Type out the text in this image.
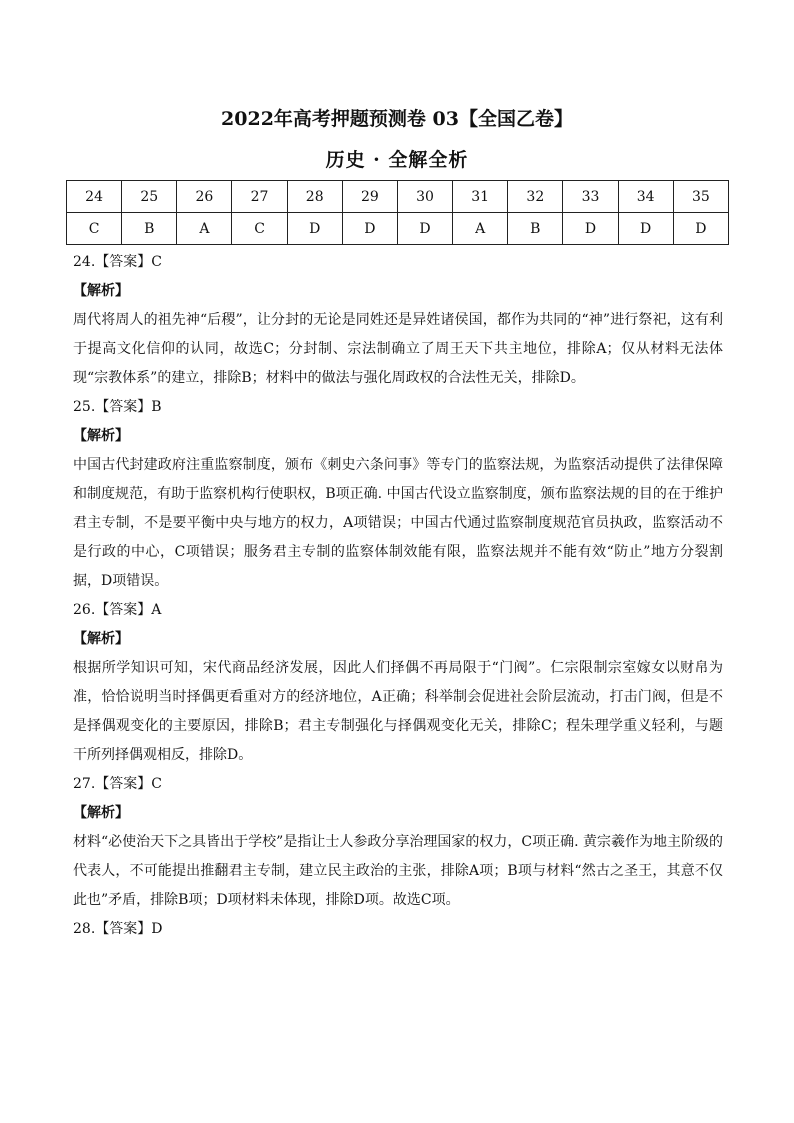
2022年高考押题预测卷 03【全国乙卷】
历史 · 全解全析
24	25	26	27	28	29	30	31	32	33	34	35
C	B	A	C	D	D	D	A	B	D	D	D

24.【答案】C

【解析】

周代将周人的祖先神“后稷”，让分封的无论是同姓还是异姓诸侯国，都作为共同的“神”进行祭祀，这有利于提高文化信仰的认同，故选C；分封制、宗法制确立了周王天下共主地位，排除A；仅从材料无法体现“宗教体系”的建立，排除B；材料中的做法与强化周政权的合法性无关，排除D。

25.【答案】B

【解析】

中国古代封建政府注重监察制度，颁布《刺史六条问事》等专门的监察法规，为监察活动提供了法律保障和制度规范，有助于监察机构行使职权，B项正确. 中国古代设立监察制度，颁布监察法规的目的在于维护君主专制，不是要平衡中央与地方的权力，A项错误；中国古代通过监察制度规范官员执政，监察活动不是行政的中心，C项错误；服务君主专制的监察体制效能有限，监察法规并不能有效“防止”地方分裂割据，D项错误。

26.【答案】A

【解析】

根据所学知识可知，宋代商品经济发展，因此人们择偶不再局限于“门阀”。仁宗限制宗室嫁女以财帛为准，恰恰说明当时择偶更看重对方的经济地位，A正确；科举制会促进社会阶层流动，打击门阀，但是不是择偶观变化的主要原因，排除B；君主专制强化与择偶观变化无关，排除C；程朱理学重义轻利，与题干所列择偶观相反，排除D。

27.【答案】C

【解析】

材料“必使治天下之具皆出于学校”是指让士人参政分享治理国家的权力，C项正确. 黄宗羲作为地主阶级的代表人，不可能提出推翻君主专制，建立民主政治的主张，排除A项；B项与材料“然古之圣王，其意不仅此也”矛盾，排除B项；D项材料未体现，排除D项。故选C项。

28.【答案】D
